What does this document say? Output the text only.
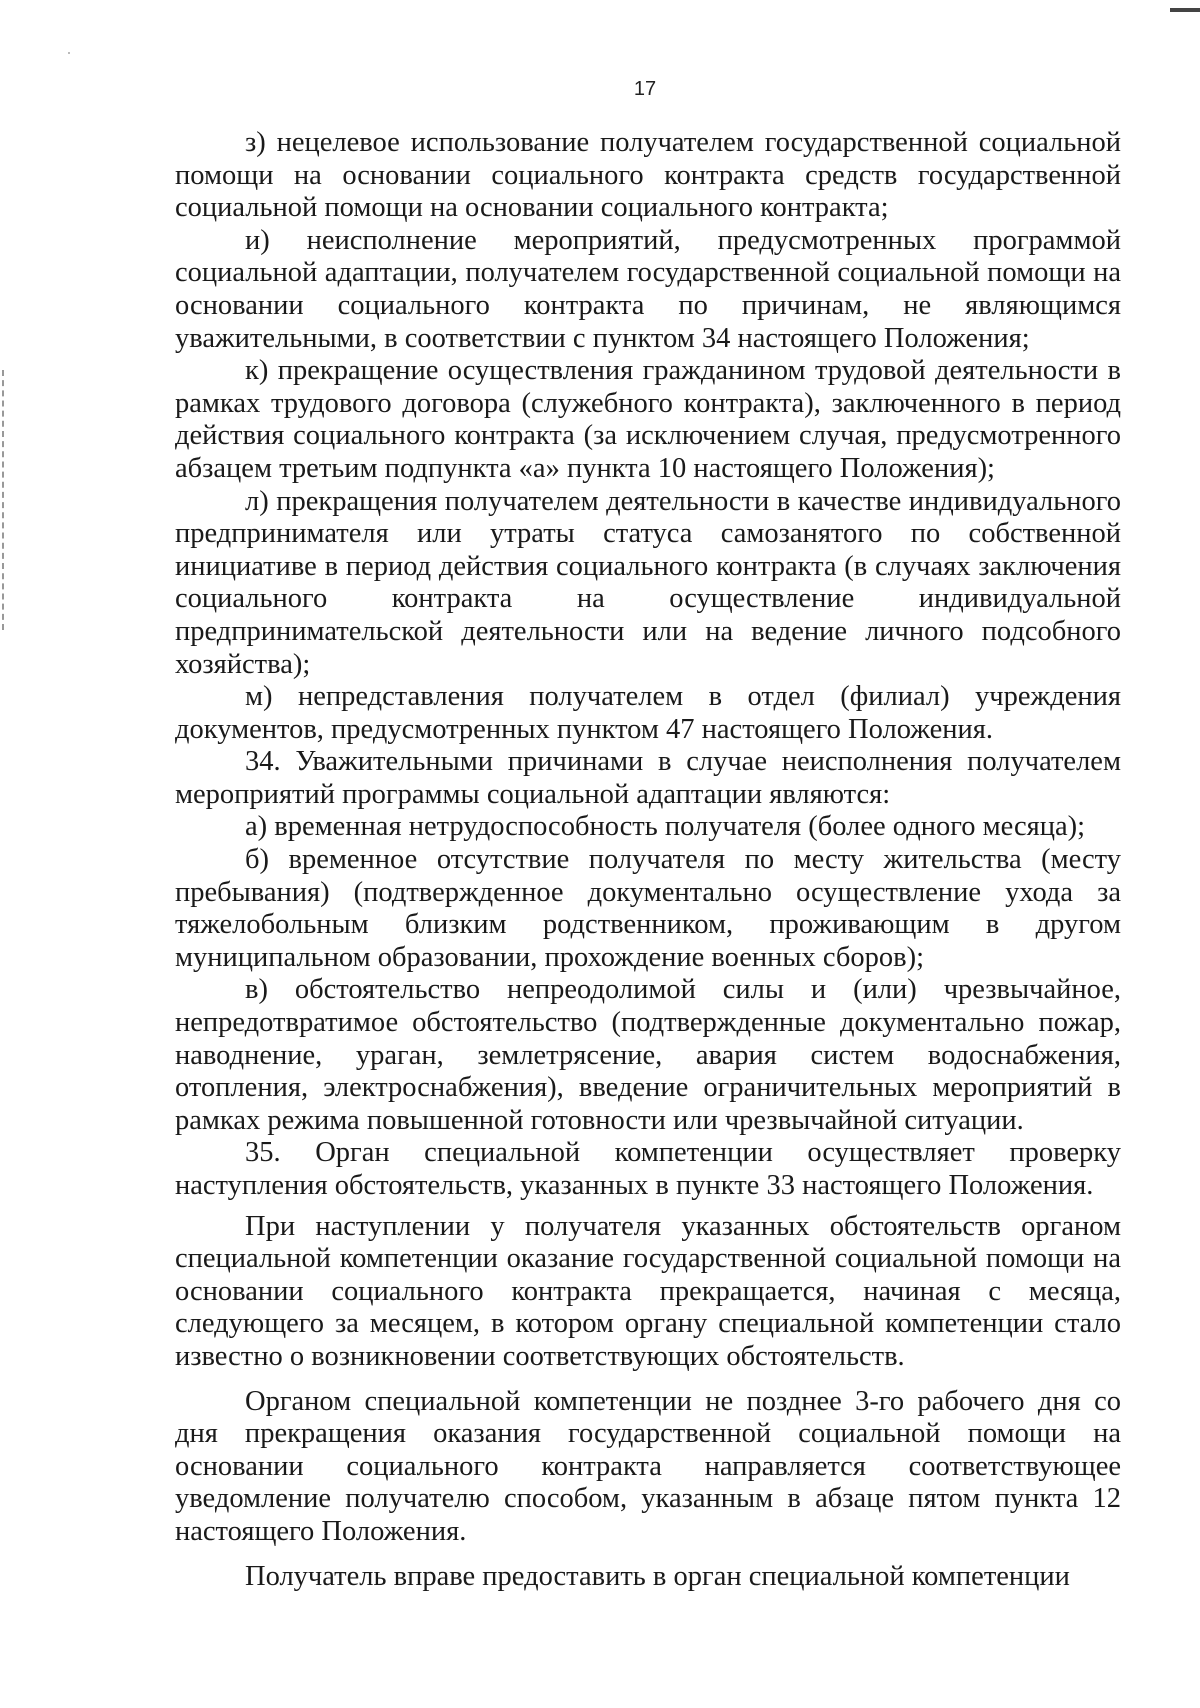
17

з) нецелевое использование получателем государственной социальной помощи на основании социального контракта средств государственной социальной помощи на основании социального контракта;

и) неисполнение мероприятий, предусмотренных программой социальной адаптации, получателем государственной социальной помощи на основании социального контракта по причинам, не являющимся уважительными, в соответствии с пунктом 34 настоящего Положения;

к) прекращение осуществления гражданином трудовой деятельности в рамках трудового договора (служебного контракта), заключенного в период действия социального контракта (за исключением случая, предусмотренного абзацем третьим подпункта «а» пункта 10 настоящего Положения);

л) прекращения получателем деятельности в качестве индивидуального предпринимателя или утраты статуса самозанятого по собственной инициативе в период действия социального контракта (в случаях заключения социального контракта на осуществление индивидуальной предпринимательской деятельности или на ведение личного подсобного хозяйства);

м) непредставления получателем в отдел (филиал) учреждения документов, предусмотренных пунктом 47 настоящего Положения.

34. Уважительными причинами в случае неисполнения получателем мероприятий программы социальной адаптации являются:

а) временная нетрудоспособность получателя (более одного месяца);

б) временное отсутствие получателя по месту жительства (месту пребывания) (подтвержденное документально осуществление ухода за тяжелобольным близким родственником, проживающим в другом муниципальном образовании, прохождение военных сборов);

в) обстоятельство непреодолимой силы и (или) чрезвычайное, непредотвратимое обстоятельство (подтвержденные документально пожар, наводнение, ураган, землетрясение, авария систем водоснабжения, отопления, электроснабжения), введение ограничительных мероприятий в рамках режима повышенной готовности или чрезвычайной ситуации.

35. Орган специальной компетенции осуществляет проверку наступления обстоятельств, указанных в пункте 33 настоящего Положения.

При наступлении у получателя указанных обстоятельств органом специальной компетенции оказание государственной социальной помощи на основании социального контракта прекращается, начиная с месяца, следующего за месяцем, в котором органу специальной компетенции стало известно о возникновении соответствующих обстоятельств.

Органом специальной компетенции не позднее 3-го рабочего дня со дня прекращения оказания государственной социальной помощи на основании социального контракта направляется соответствующее уведомление получателю способом, указанным в абзаце пятом пункта 12 настоящего Положения.

Получатель вправе предоставить в орган специальной компетенции
